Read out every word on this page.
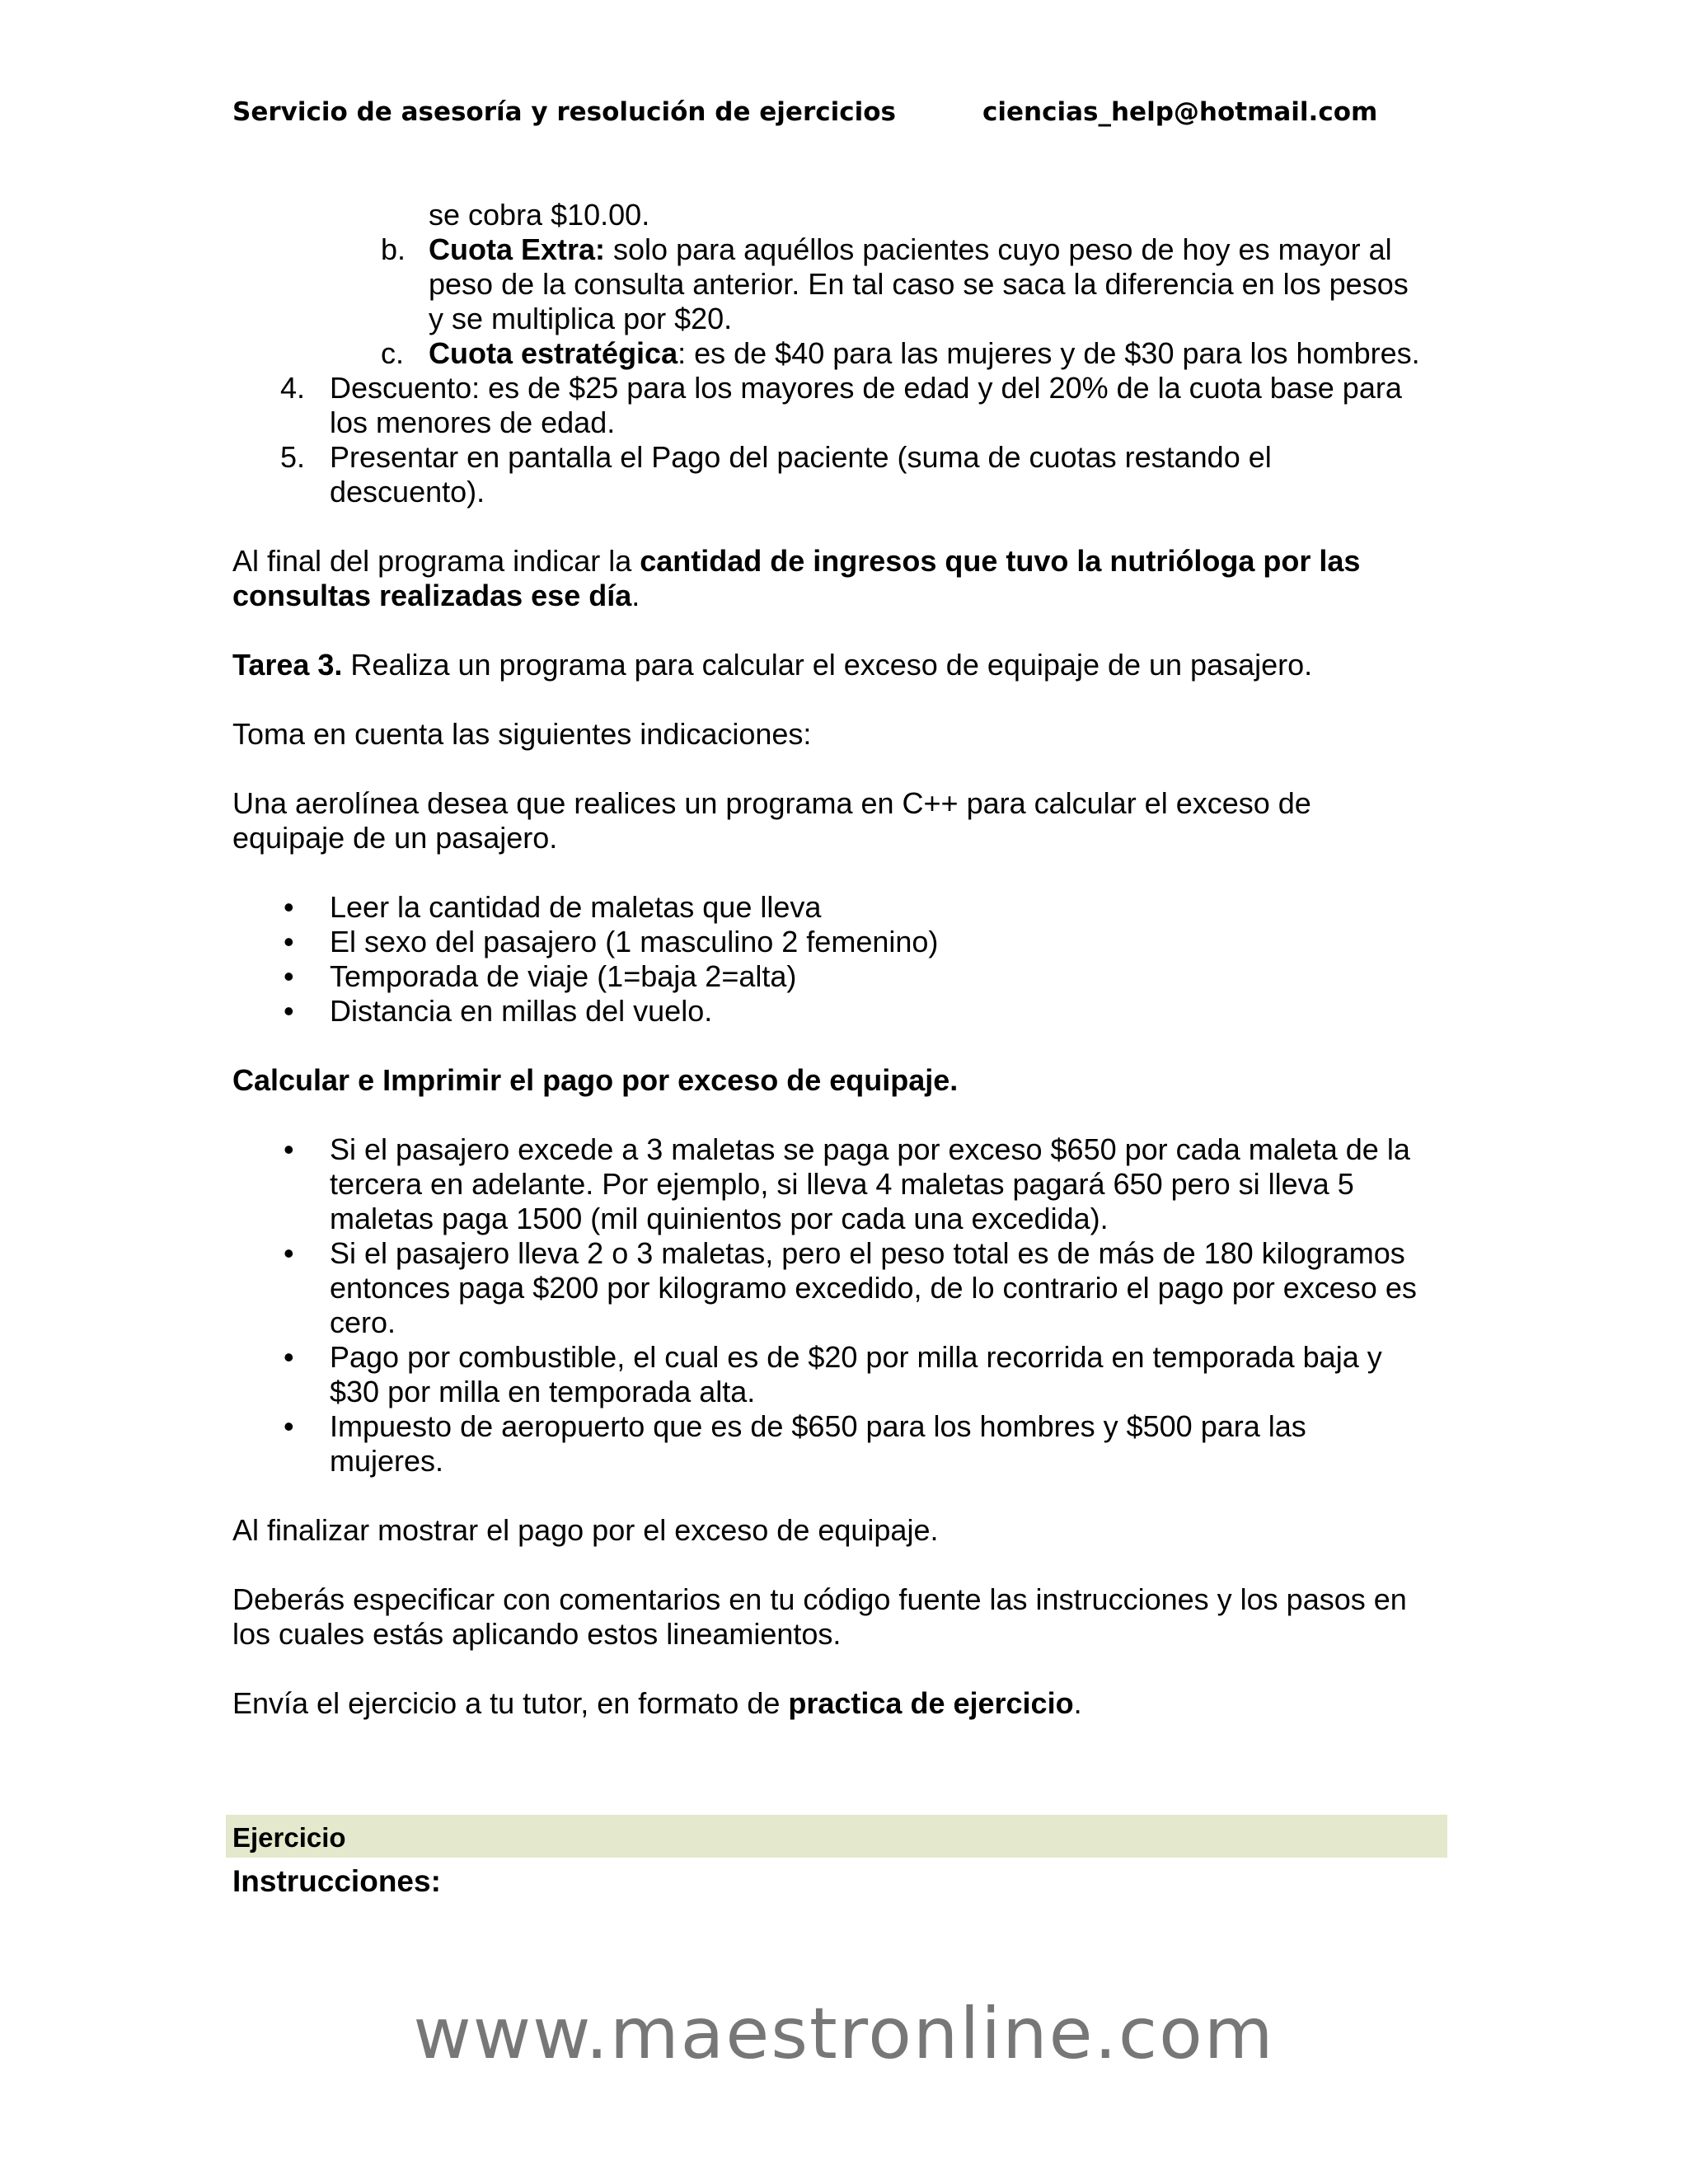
Servicio de asesoría y resolución de ejercicios	ciencias_help@hotmail.com
se cobra $10.00.
b. Cuota Extra: solo para aquéllos pacientes cuyo peso de hoy es mayor al
peso de la consulta anterior. En tal caso se saca la diferencia en los pesos
y se multiplica por $20.
c. Cuota estratégica: es de $40 para las mujeres y de $30 para los hombres.
4. Descuento: es de $25 para los mayores de edad y del 20% de la cuota base para
los menores de edad.
5. Presentar en pantalla el Pago del paciente (suma de cuotas restando el
descuento).
Al final del programa indicar la cantidad de ingresos que tuvo la nutrióloga por las
consultas realizadas ese día.
Tarea 3. Realiza un programa para calcular el exceso de equipaje de un pasajero.
Toma en cuenta las siguientes indicaciones:
Una aerolínea desea que realices un programa en C++ para calcular el exceso de
equipaje de un pasajero.
• Leer la cantidad de maletas que lleva
• El sexo del pasajero (1 masculino 2 femenino)
• Temporada de viaje (1=baja 2=alta)
• Distancia en millas del vuelo.
Calcular e Imprimir el pago por exceso de equipaje.
• Si el pasajero excede a 3 maletas se paga por exceso $650 por cada maleta de la
tercera en adelante. Por ejemplo, si lleva 4 maletas pagará 650 pero si lleva 5
maletas paga 1500 (mil quinientos por cada una excedida).
• Si el pasajero lleva 2 o 3 maletas, pero el peso total es de más de 180 kilogramos
entonces paga $200 por kilogramo excedido, de lo contrario el pago por exceso es
cero.
• Pago por combustible, el cual es de $20 por milla recorrida en temporada baja y
$30 por milla en temporada alta.
• Impuesto de aeropuerto que es de $650 para los hombres y $500 para las
mujeres.
Al finalizar mostrar el pago por el exceso de equipaje.
Deberás especificar con comentarios en tu código fuente las instrucciones y los pasos en
los cuales estás aplicando estos lineamientos.
Envía el ejercicio a tu tutor, en formato de practica de ejercicio.
Ejercicio
Instrucciones:
www.maestronline.com
